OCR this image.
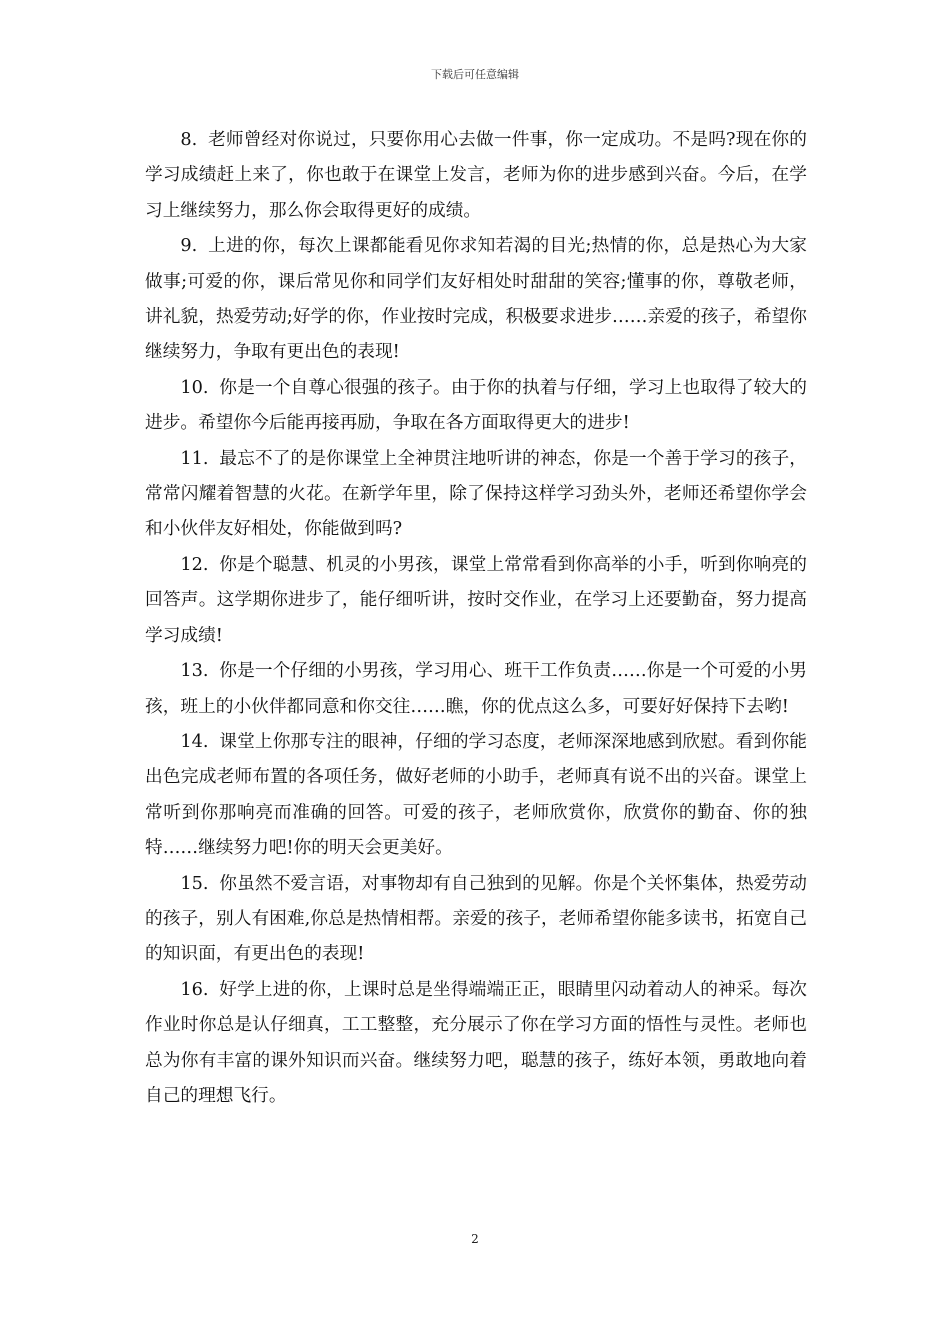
下载后可任意编辑

8. 老师曾经对你说过，只要你用心去做一件事，你一定成功。不是吗?现在你的学习成绩赶上来了，你也敢于在课堂上发言，老师为你的进步感到兴奋。今后，在学习上继续努力，那么你会取得更好的成绩。

9. 上进的你，每次上课都能看见你求知若渴的目光;热情的你，总是热心为大家做事;可爱的你，课后常见你和同学们友好相处时甜甜的笑容;懂事的你，尊敬老师，讲礼貌，热爱劳动;好学的你，作业按时完成，积极要求进步……亲爱的孩子，希望你继续努力，争取有更出色的表现!

10. 你是一个自尊心很强的孩子。由于你的执着与仔细，学习上也取得了较大的进步。希望你今后能再接再励，争取在各方面取得更大的进步!

11. 最忘不了的是你课堂上全神贯注地听讲的神态，你是一个善于学习的孩子，常常闪耀着智慧的火花。在新学年里，除了保持这样学习劲头外，老师还希望你学会和小伙伴友好相处，你能做到吗?

12. 你是个聪慧、机灵的小男孩，课堂上常常看到你高举的小手，听到你响亮的回答声。这学期你进步了，能仔细听讲，按时交作业，在学习上还要勤奋，努力提高学习成绩!

13. 你是一个仔细的小男孩，学习用心、班干工作负责……你是一个可爱的小男孩，班上的小伙伴都同意和你交往……瞧，你的优点这么多，可要好好保持下去哟!

14. 课堂上你那专注的眼神，仔细的学习态度，老师深深地感到欣慰。看到你能出色完成老师布置的各项任务，做好老师的小助手，老师真有说不出的兴奋。课堂上常听到你那响亮而准确的回答。可爱的孩子，老师欣赏你，欣赏你的勤奋、你的独特……继续努力吧!你的明天会更美好。

15. 你虽然不爱言语，对事物却有自己独到的见解。你是个关怀集体，热爱劳动的孩子，别人有困难,你总是热情相帮。亲爱的孩子，老师希望你能多读书，拓宽自己的知识面，有更出色的表现!

16. 好学上进的你，上课时总是坐得端端正正，眼睛里闪动着动人的神采。每次作业时你总是认仔细真，工工整整，充分展示了你在学习方面的悟性与灵性。老师也总为你有丰富的课外知识而兴奋。继续努力吧，聪慧的孩子，练好本领，勇敢地向着自己的理想飞行。

2
